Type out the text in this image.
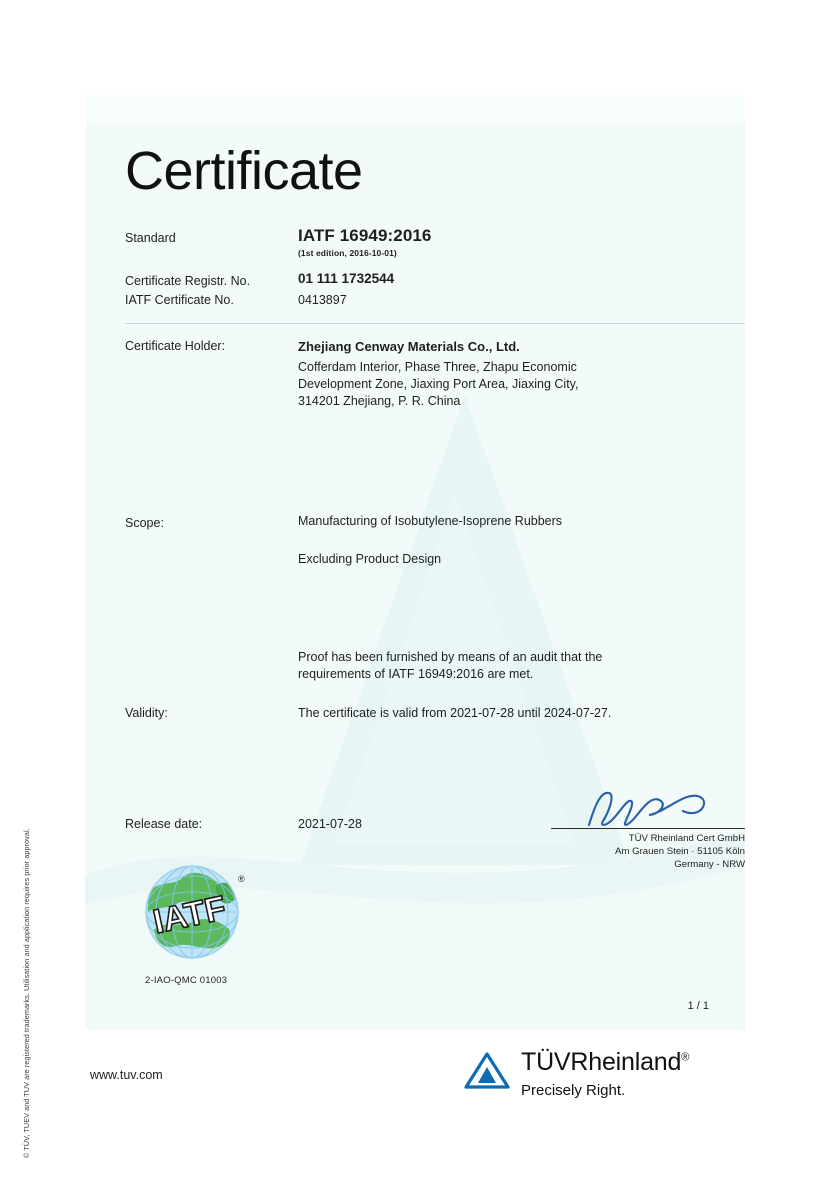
© TÜV, TUEV and TUV are registered trademarks. Utilisation and application requires prior approval.
Certificate
Standard	IATF 16949:2016
(1st edition, 2016-10-01)
Certificate Registr. No.	01 111 1732544
IATF Certificate No.	0413897
Certificate Holder:	Zhejiang Cenway Materials Co., Ltd.
Cofferdam Interior, Phase Three, Zhapu Economic
Development Zone, Jiaxing Port Area, Jiaxing City,
314201 Zhejiang, P. R. China
Scope:	Manufacturing of Isobutylene-Isoprene Rubbers
Excluding Product Design
Proof has been furnished by means of an audit that the
requirements of IATF 16949:2016 are met.
Validity:	The certificate is valid from 2021-07-28 until 2024-07-27.
Release date:	2021-07-28
TÜV Rheinland Cert GmbH
Am Grauen Stein · 51105 Köln
Germany - NRW
IATF
®
2-IAO-QMC 01003
1 / 1
www.tuv.com	TÜVRheinland®
Precisely Right.
